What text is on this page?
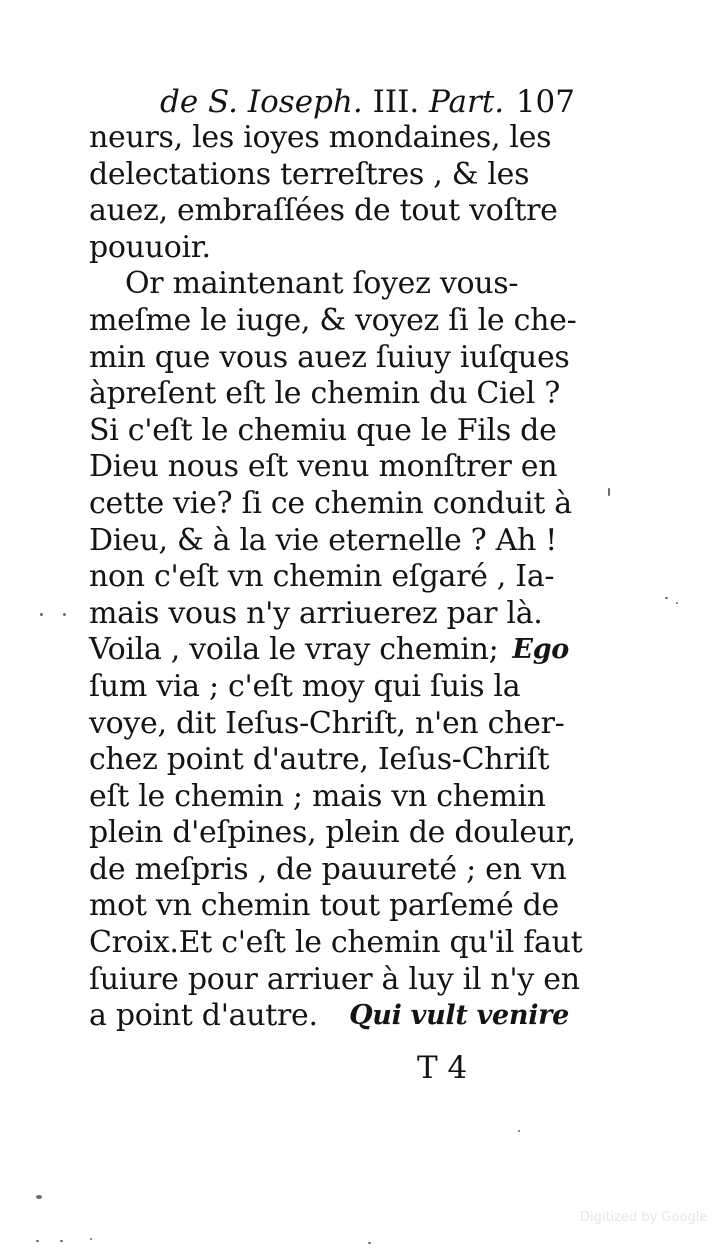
de S. Ioseph. III. Part. 107
neurs, les ioyes mondaines, les
delectations terreſtres , & les
auez, embraſſées de tout voſtre
pouuoir.
Or maintenant ſoyez vous-
meſme le iuge, & voyez ſi le che-
min que vous auez ſuiuy iuſques
àpreſent eſt le chemin du Ciel ?
Si c'eſt le chemiu que le Fils de
Dieu nous eſt venu monſtrer en
cette vie? ſi ce chemin conduit à
Dieu, & à la vie eternelle ? Ah !
non c'eſt vn chemin eſgaré , Ia-
mais vous n'y arriuerez par là.
Voila , voila le vray chemin; Ego
ſum via ; c'eſt moy qui ſuis la
voye, dit Ieſus-Chriſt, n'en cher-
chez point d'autre, Ieſus-Chriſt
eſt le chemin ; mais vn chemin
plein d'eſpines, plein de douleur,
de meſpris , de pauureté ; en vn
mot vn chemin tout parſemé de
Croix.Et c'eſt le chemin qu'il faut
ſuiure pour arriuer à luy il n'y en
a point d'autre. Qui vult venire
T 4
Digitized by Google
